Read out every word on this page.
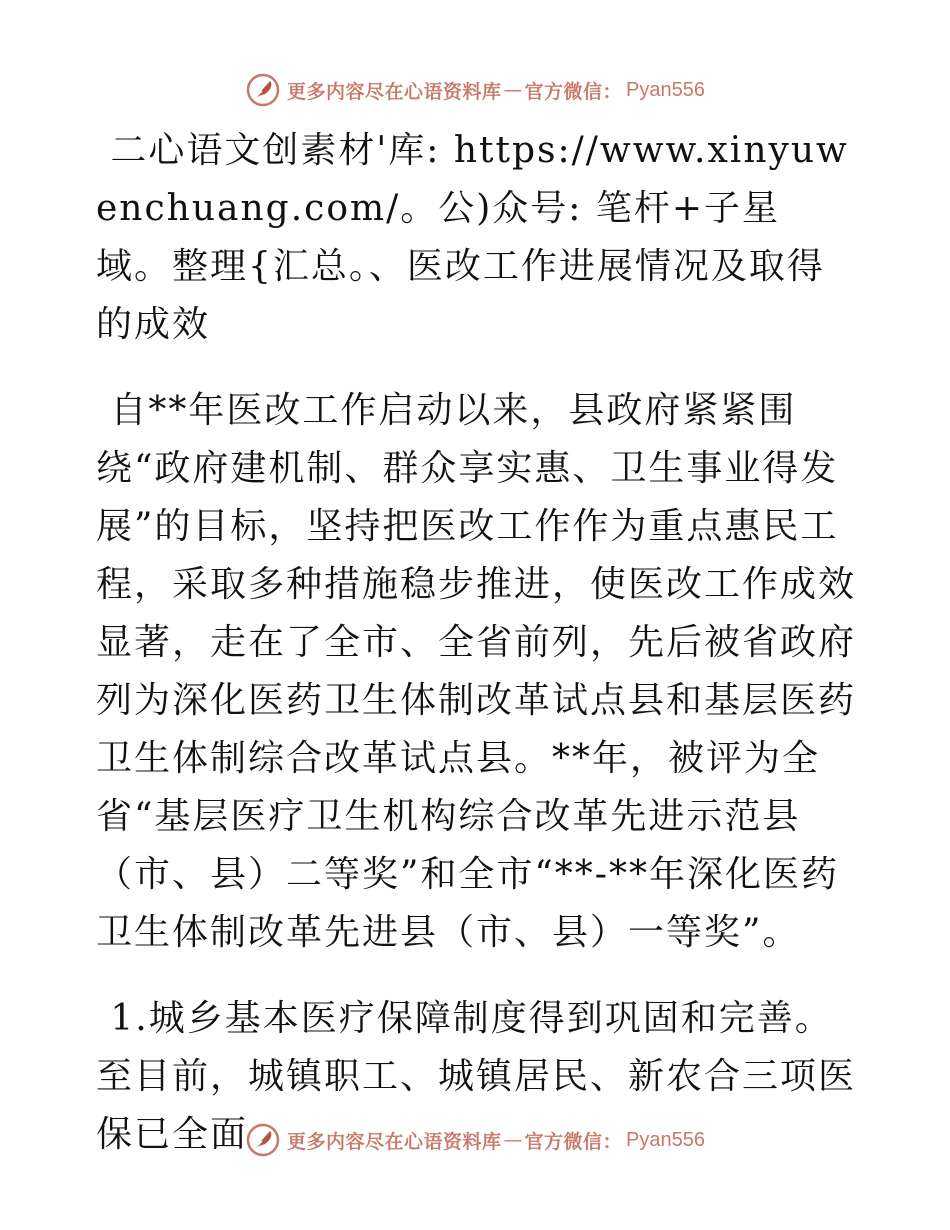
更多内容尽在心语资料库 — 官方微信： Pyan556

二心语文创素材'库: https://www.xinyuwenchuang.com/。公)众号: 笔杆+子星域。整理{汇总。、医改工作进展情况及取得的成效

自**年医改工作启动以来，县政府紧紧围绕“政府建机制、群众享实惠、卫生事业得发展”的目标，坚持把医改工作作为重点惠民工程，采取多种措施稳步推进，使医改工作成效显著，走在了全市、全省前列，先后被省政府列为深化医药卫生体制改革试点县和基层医药卫生体制综合改革试点县。**年，被评为全省“基层医疗卫生机构综合改革先进示范县（市、县）二等奖”和全市“**-**年深化医药卫生体制改革先进县（市、县）一等奖”。

1.城乡基本医疗保障制度得到巩固和完善。至目前，城镇职工、城镇居民、新农合三项医保已全面	更多内容尽在心语资料库 — 官方微信： Pyan556
